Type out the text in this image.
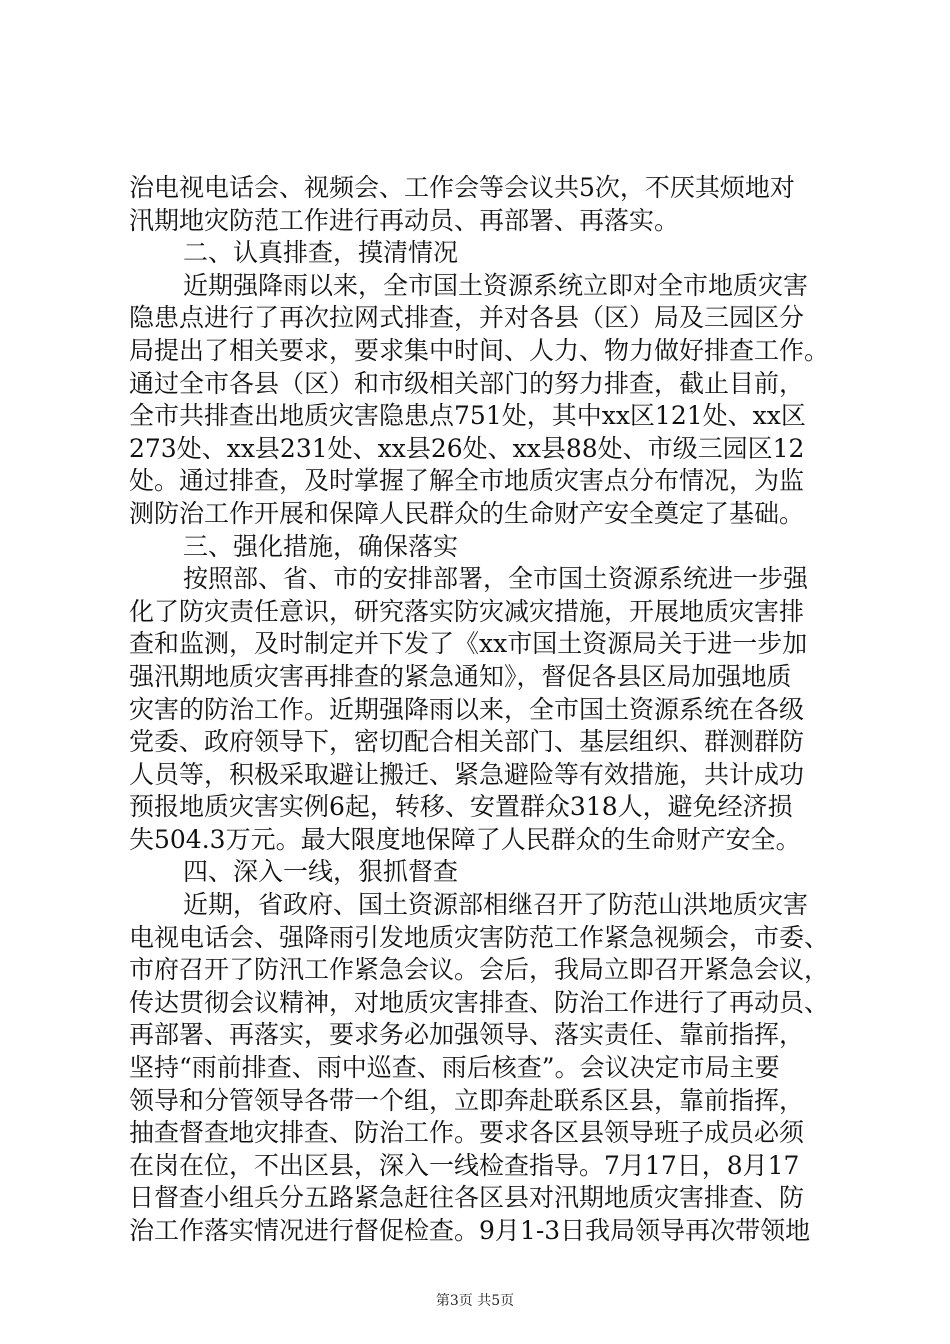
治电视电话会、视频会、工作会等会议共5次，不厌其烦地对
汛期地灾防范工作进行再动员、再部署、再落实。
二、认真排查，摸清情况
近期强降雨以来，全市国土资源系统立即对全市地质灾害
隐患点进行了再次拉网式排查，并对各县（区）局及三园区分
局提出了相关要求，要求集中时间、人力、物力做好排查工作。
通过全市各县（区）和市级相关部门的努力排查，截止目前，
全市共排查出地质灾害隐患点751处，其中xx区121处、xx区
273处、xx县231处、xx县26处、xx县88处、市级三园区12
处。通过排查，及时掌握了解全市地质灾害点分布情况，为监
测防治工作开展和保障人民群众的生命财产安全奠定了基础。
三、强化措施，确保落实
按照部、省、市的安排部署，全市国土资源系统进一步强
化了防灾责任意识，研究落实防灾减灾措施，开展地质灾害排
查和监测，及时制定并下发了《xx市国土资源局关于进一步加
强汛期地质灾害再排查的紧急通知》，督促各县区局加强地质
灾害的防治工作。近期强降雨以来，全市国土资源系统在各级
党委、政府领导下，密切配合相关部门、基层组织、群测群防
人员等，积极采取避让搬迁、紧急避险等有效措施，共计成功
预报地质灾害实例6起，转移、安置群众318人，避免经济损
失504.3万元。最大限度地保障了人民群众的生命财产安全。
四、深入一线，狠抓督查
近期，省政府、国土资源部相继召开了防范山洪地质灾害
电视电话会、强降雨引发地质灾害防范工作紧急视频会，市委、
市府召开了防汛工作紧急会议。会后，我局立即召开紧急会议，
传达贯彻会议精神，对地质灾害排查、防治工作进行了再动员、
再部署、再落实，要求务必加强领导、落实责任、靠前指挥，
坚持“雨前排查、雨中巡查、雨后核查”。会议决定市局主要
领导和分管领导各带一个组，立即奔赴联系区县，靠前指挥，
抽查督查地灾排查、防治工作。要求各区县领导班子成员必须
在岗在位，不出区县，深入一线检查指导。7月17日，8月17
日督查小组兵分五路紧急赶往各区县对汛期地质灾害排查、防
治工作落实情况进行督促检查。9月1-3日我局领导再次带领地
第3页 共5页
